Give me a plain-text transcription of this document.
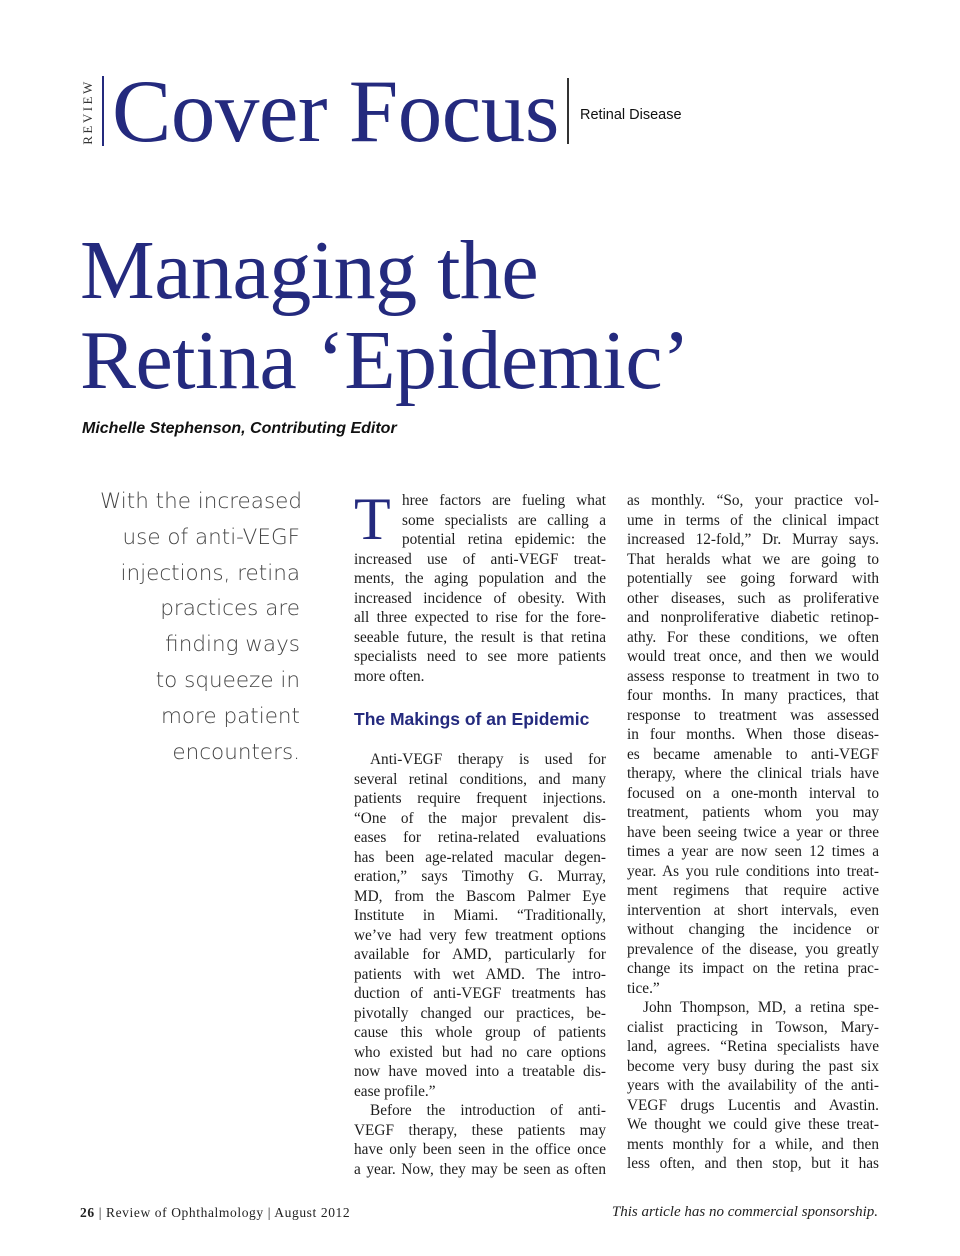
REVIEW Cover Focus Retinal Disease
Managing the
Retina ‘Epidemic’
Michelle Stephenson, Contributing Editor
With the increased
use of anti-VEGF
injections, retina
practices are
finding ways
to squeeze in
more patient
encounters.
T hree factors are fueling what
some specialists are calling a
potential retina epidemic: the
increased use of anti-VEGF treat-
ments, the aging population and the
increased incidence of obesity. With
all three expected to rise for the fore-
seeable future, the result is that retina
specialists need to see more patients
more often.
The Makings of an Epidemic
Anti-VEGF therapy is used for
several retinal conditions, and many
patients require frequent injections.
“One of the major prevalent dis-
eases for retina-related evaluations
has been age-related macular degen-
eration,” says Timothy G. Murray,
MD, from the Bascom Palmer Eye
Institute in Miami. “Traditionally,
we’ve had very few treatment options
available for AMD, particularly for
patients with wet AMD. The intro-
duction of anti-VEGF treatments has
pivotally changed our practices, be-
cause this whole group of patients
who existed but had no care options
now have moved into a treatable dis-
ease profile.”
Before the introduction of anti-
VEGF therapy, these patients may
have only been seen in the office once
a year. Now, they may be seen as often
as monthly. “So, your practice vol-
ume in terms of the clinical impact
increased 12-fold,” Dr. Murray says.
That heralds what we are going to
potentially see going forward with
other diseases, such as proliferative
and nonproliferative diabetic retinop-
athy. For these conditions, we often
would treat once, and then we would
assess response to treatment in two to
four months. In many practices, that
response to treatment was assessed
in four months. When those diseas-
es became amenable to anti-VEGF
therapy, where the clinical trials have
focused on a one-month interval to
treatment, patients whom you may
have been seeing twice a year or three
times a year are now seen 12 times a
year. As you rule conditions into treat-
ment regimens that require active
intervention at short intervals, even
without changing the incidence or
prevalence of the disease, you greatly
change its impact on the retina prac-
tice.”
John Thompson, MD, a retina spe-
cialist practicing in Towson, Mary-
land, agrees. “Retina specialists have
become very busy during the past six
years with the availability of the anti-
VEGF drugs Lucentis and Avastin.
We thought we could give these treat-
ments monthly for a while, and then
less often, and then stop, but it has
26 | Review of Ophthalmology | August 2012	This article has no commercial sponsorship.
